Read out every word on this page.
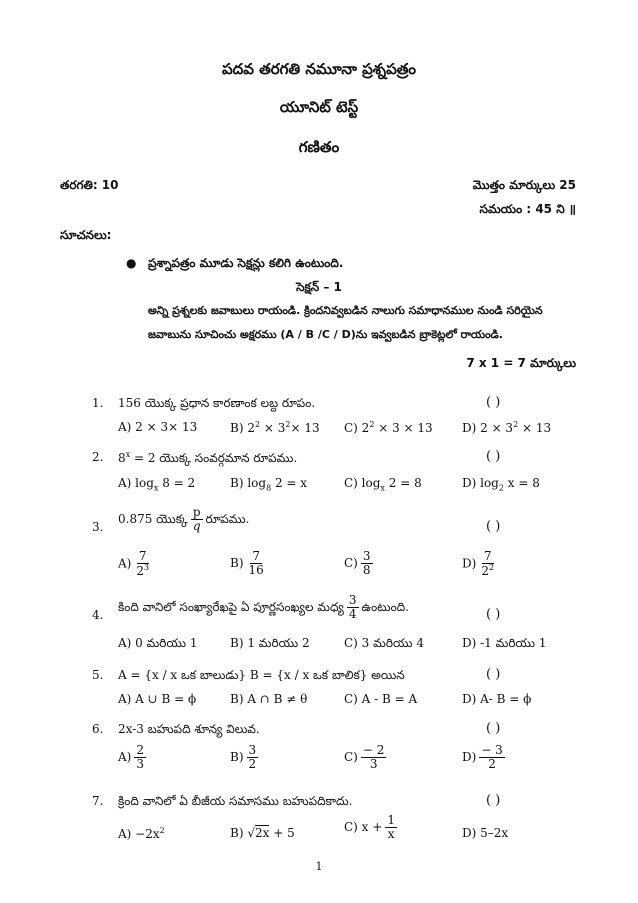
పదవ తరగతి నమూనా ప్రశ్నపత్రం
యూనిట్ టెస్ట్
గణితం
తరగతి: 10	మొత్తం మార్కులు 25
సమయం : 45 ని ॥
సూచనలు:
● ప్రశ్నాపత్రం మూడు సెక్షన్లు కలిగి ఉంటుంది.
సెక్షన్ – 1
అన్ని ప్రశ్నలకు జవాబులు రాయండి. క్రిందనివ్వబడిన నాలుగు సమాధానముల నుండి సరియైన
జవాబును సూచించు అక్షరము (A / B /C / D)ను ఇవ్వబడిన బ్రాకెట్లలో రాయండి.
7 x 1 = 7 మార్కులు
1. 156 యొక్క ప్రధాన కారణాంక లబ్ద రూపం.	( )
A) 2 × 3× 13	B) $2^2 \times 3^2\times 13$ C) $2^2 \times 3 \times 13$ D) $2 \times 3^2 \times 13$
2. $8^x = 2$ యొక్క సంవర్గమాన రూపము.	( )
A) $\log_x 8 = 2$	B) $\log_8 2 = x$	C) $\log_x 2 = 8$	D) $\log_2 x = 8$
3.
0.875 యొక్క $\frac{p}{q}$ రూపము.	( )
$A) \frac{7}{2^3}$	$B) \frac{7}{16}$	$C) \frac{3}{8}$	$D) \frac{7}{2^2}$
4.
కింది వానిలో సంఖ్యారేఖపై ఏ పూర్ణసంఖ్యల మధ్య $\frac{3}{4}$ ఉంటుంది.	( )
A) 0 మరియు 1	B) 1 మరియు 2	C) 3 మరియు 4	D) -1 మరియు 1
5. A = {x / x ఒక బాలుడు} B = {x / x ఒక బాలిక} అయిన	( )
A) A ∪ B = ϕ	B) A ∩ B ≠ θ	C) A - B = A	D) A- B = ϕ
6. 2x-3 బహుపది శూన్య విలువ.	( )
$A) \frac{2}{3}$	$B) \frac{3}{2}$	$C) \frac{- 2}{3}$	$D) \frac{- 3}{2}$
7. క్రింది వానిలో ఏ బీజీయ సమాసము బహుపదికాదు.	( )
$A) -2x^2$	B) √2x + 5	C) $x + \frac{1}{x}$	D) 5–2x
1
